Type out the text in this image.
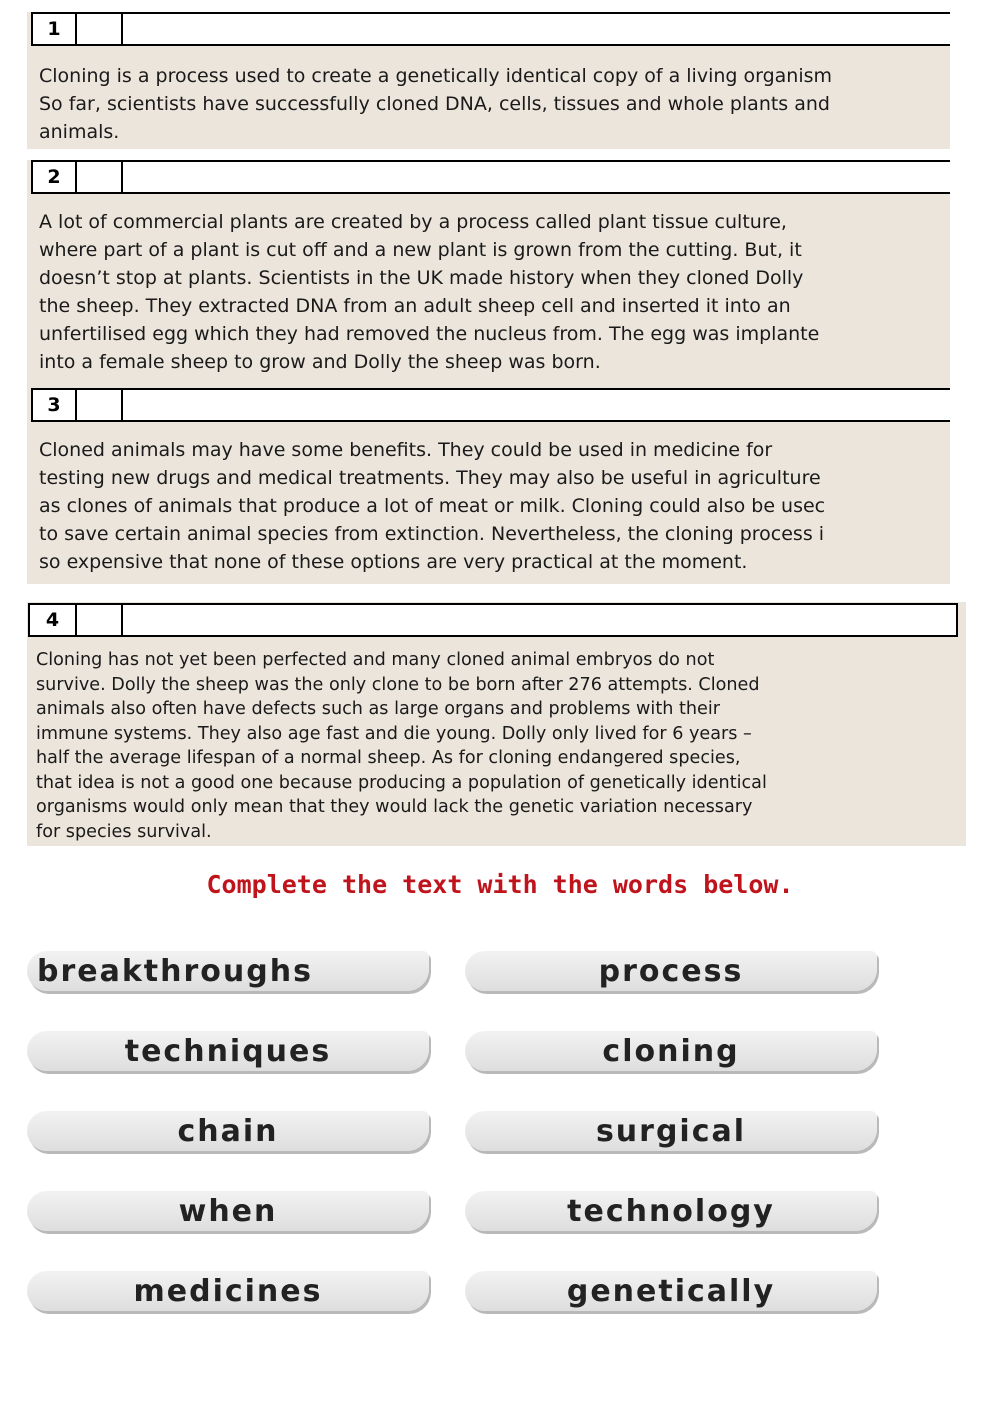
1
Cloning is a process used to create a genetically identical copy of a living organism
So far, scientists have successfully cloned DNA, cells, tissues and whole plants and
animals.
2
A lot of commercial plants are created by a process called plant tissue culture,
where part of a plant is cut off and a new plant is grown from the cutting. But, it
doesn’t stop at plants. Scientists in the UK made history when they cloned Dolly
the sheep. They extracted DNA from an adult sheep cell and inserted it into an
unfertilised egg which they had removed the nucleus from. The egg was implante
into a female sheep to grow and Dolly the sheep was born.
3
Cloned animals may have some benefits. They could be used in medicine for
testing new drugs and medical treatments. They may also be useful in agriculture
as clones of animals that produce a lot of meat or milk. Cloning could also be usec
to save certain animal species from extinction. Nevertheless, the cloning process i
so expensive that none of these options are very practical at the moment.
4
Cloning has not yet been perfected and many cloned animal embryos do not
survive. Dolly the sheep was the only clone to be born after 276 attempts. Cloned
animals also often have defects such as large organs and problems with their
immune systems. They also age fast and die young. Dolly only lived for 6 years –
half the average lifespan of a normal sheep. As for cloning endangered species,
that idea is not a good one because producing a population of genetically identical
organisms would only mean that they would lack the genetic variation necessary
for species survival.
Complete the text with the words below.
breakthroughs	process
techniques	cloning
chain	surgical
when	technology
medicines	genetically
